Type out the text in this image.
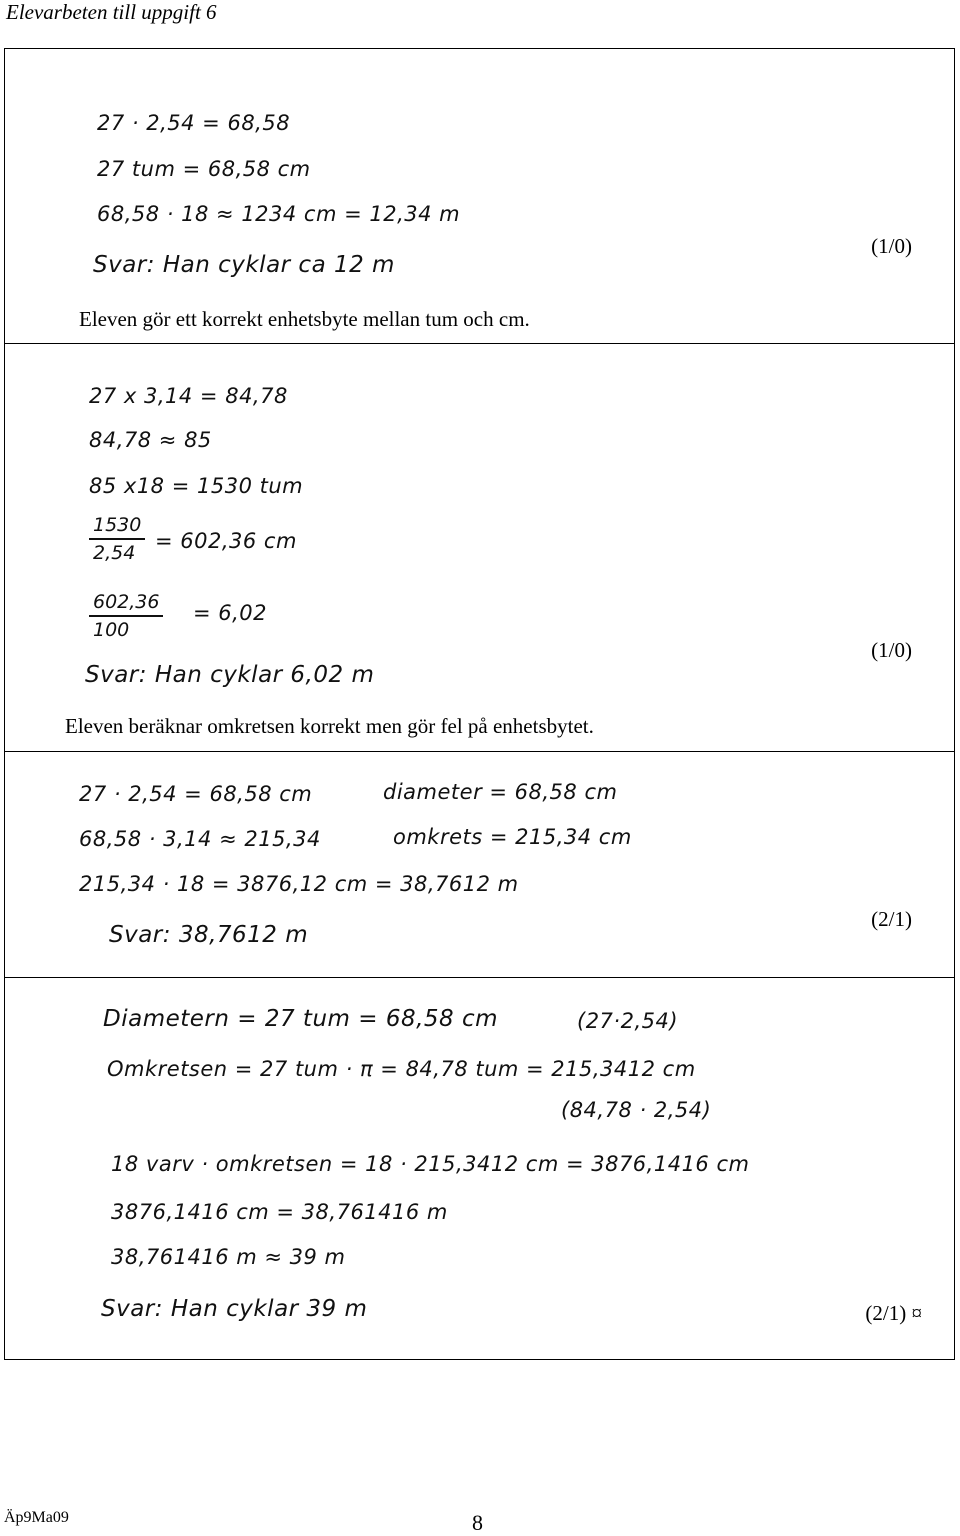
Elevarbeten till uppgift 6
27 · 2,54 = 68,58
27 tum = 68,58 cm
68,58 · 18 ≈ 1234 cm = 12,34 m
Svar: Han cyklar ca 12 m
(1/0)
Eleven gör ett korrekt enhetsbyte mellan tum och cm.
27 x 3,14 = 84,78
84,78 ≈ 85
85 x18 = 1530 tum
$\frac{1530}{2,54} = 602,36$ cm
$\frac{602,36}{100} = 6,02$
Svar: Han cyklar 6,02 m
(1/0)
Eleven beräknar omkretsen korrekt men gör fel på enhetsbytet.
27 · 2,54 = 68,58 cm	diameter = 68,58 cm
68,58 · 3,14 ≈ 215,34	omkrets = 215,34 cm
215,34 · 18 = 3876,12 cm = 38,7612 m
Svar: 38,7612 m
(2/1)
Diametern = 27 tum = 68,58 cm	(27·2,54)
Omkretsen = 27 tum · π = 84,78 tum = 215,3412 cm
(84,78 · 2,54)
18 varv · omkretsen = 18 · 215,3412 cm = 3876,1416 cm
3876,1416 cm = 38,761416 m
38,761416 m ≈ 39 m
Svar: Han cyklar 39 m	(2/1) ¤
Äp9Ma09	8
